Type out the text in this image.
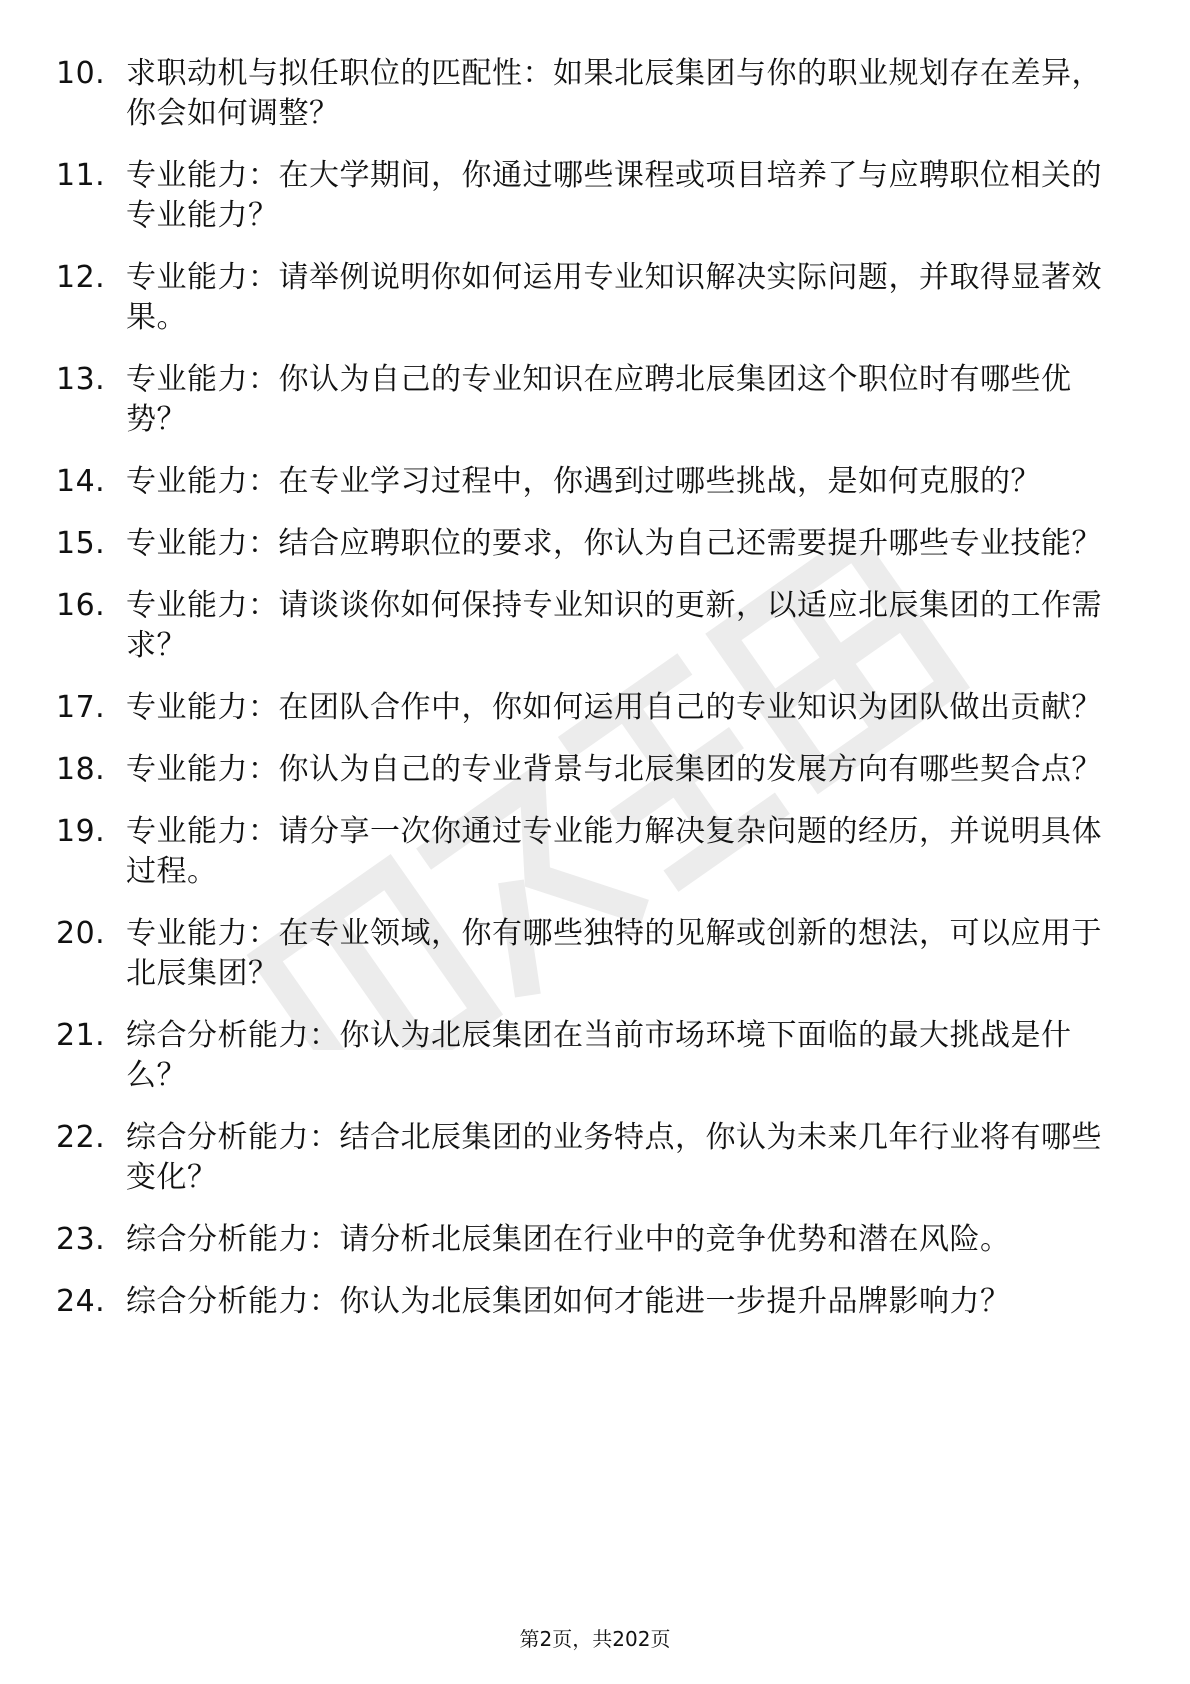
10. 求职动机与拟任职位的匹配性：如果北辰集团与你的职业规划存在差异，你会如何调整？
11. 专业能力：在大学期间，你通过哪些课程或项目培养了与应聘职位相关的专业能力？
12. 专业能力：请举例说明你如何运用专业知识解决实际问题，并取得显著效果。
13. 专业能力：你认为自己的专业知识在应聘北辰集团这个职位时有哪些优势？
14. 专业能力：在专业学习过程中，你遇到过哪些挑战，是如何克服的？
15. 专业能力：结合应聘职位的要求，你认为自己还需要提升哪些专业技能？
16. 专业能力：请谈谈你如何保持专业知识的更新，以适应北辰集团的工作需求？
17. 专业能力：在团队合作中，你如何运用自己的专业知识为团队做出贡献？
18. 专业能力：你认为自己的专业背景与北辰集团的发展方向有哪些契合点？
19. 专业能力：请分享一次你通过专业能力解决复杂问题的经历，并说明具体过程。
20. 专业能力：在专业领域，你有哪些独特的见解或创新的想法，可以应用于北辰集团？
21. 综合分析能力：你认为北辰集团在当前市场环境下面临的最大挑战是什么？
22. 综合分析能力：结合北辰集团的业务特点，你认为未来几年行业将有哪些变化？
23. 综合分析能力：请分析北辰集团在行业中的竞争优势和潜在风险。
24. 综合分析能力：你认为北辰集团如何才能进一步提升品牌影响力？
第2页，共202页
